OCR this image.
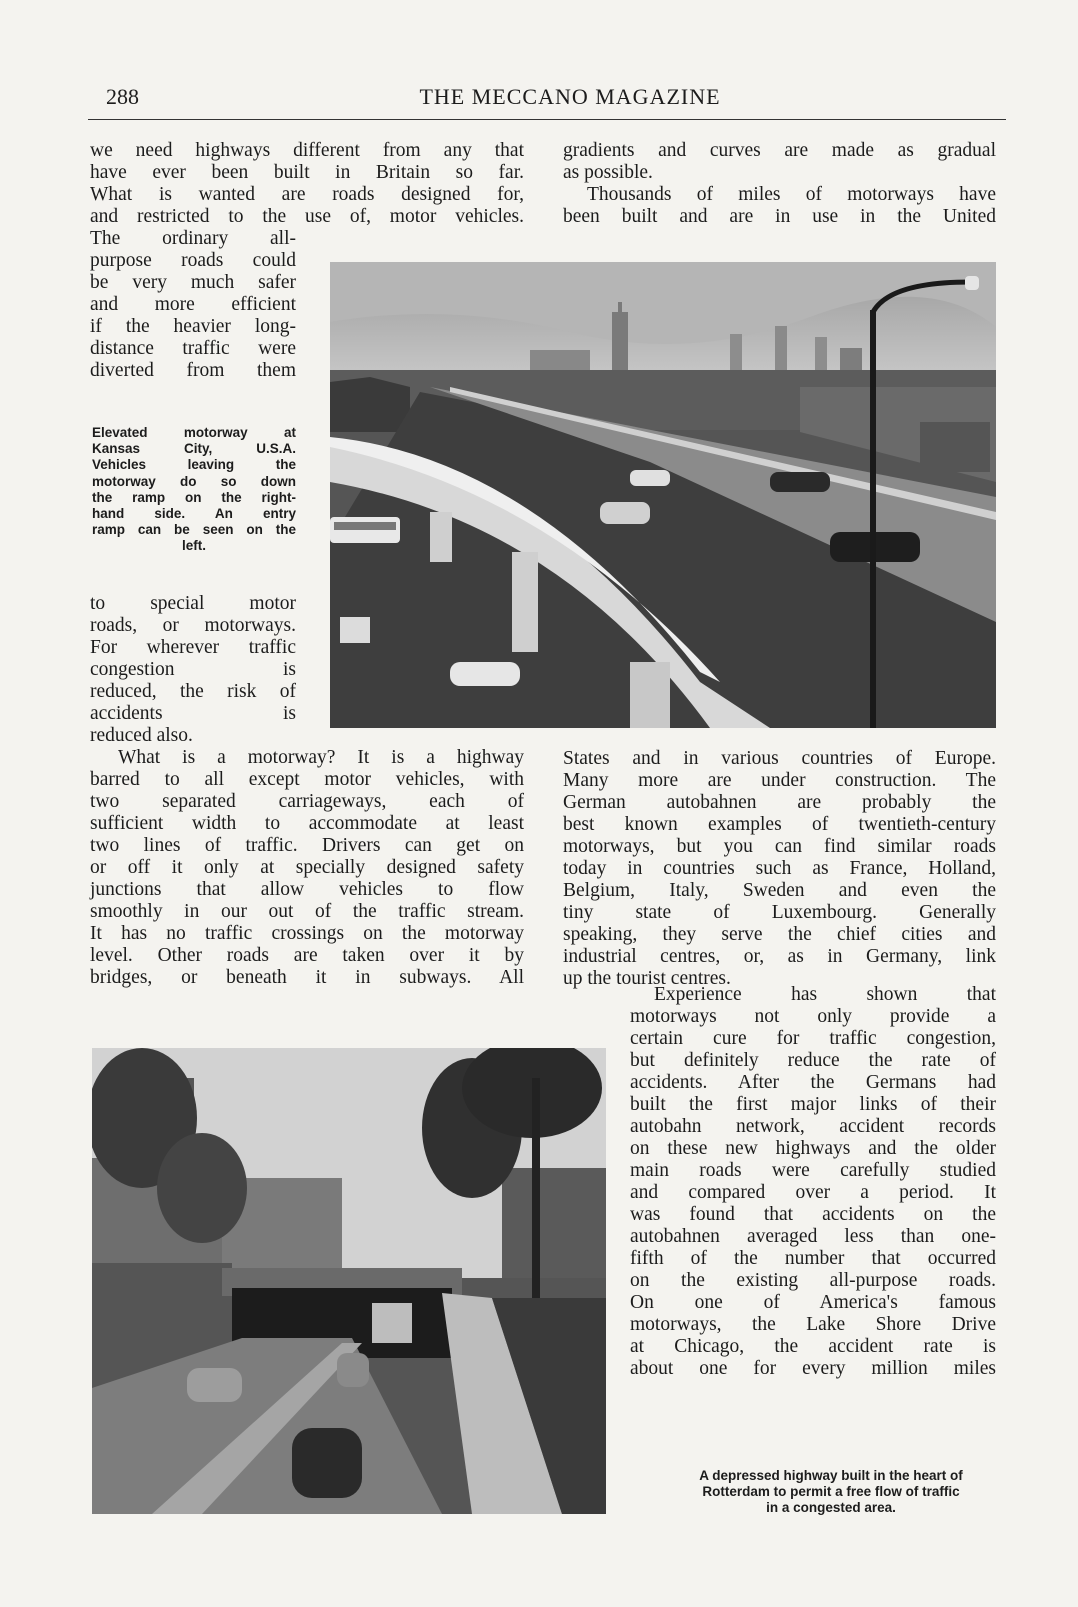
288	THE MECCANO MAGAZINE
we need highways different from any that
have ever been built in Britain so far.
What is wanted are roads designed for,
and restricted to the use of, motor vehicles.
The ordinary all-
purpose roads could
be very much safer
and more efficient
if the heavier long-
distance traffic were
diverted from them
Elevated motorway at
Kansas City, U.S.A.
Vehicles leaving the
motorway do so down
the ramp on the right-
hand side. An entry
ramp can be seen on the
left.
to special motor
roads, or motorways.
For wherever traffic
congestion is
reduced, the risk of
accidents is
reduced also.
What is a motorway? It is a highway
barred to all except motor vehicles, with
two separated carriageways, each of
sufficient width to accommodate at least
two lines of traffic. Drivers can get on
or off it only at specially designed safety
junctions that allow vehicles to flow
smoothly in our out of the traffic stream.
It has no traffic crossings on the motorway
level. Other roads are taken over it by
bridges, or beneath it in subways. All
gradients and curves are made as gradual
as possible.
Thousands of miles of motorways have
been built and are in use in the United
States and in various countries of Europe.
Many more are under construction. The
German autobahnen are probably the
best known examples of twentieth-century
motorways, but you can find similar roads
today in countries such as France, Holland,
Belgium, Italy, Sweden and even the
tiny state of Luxembourg. Generally
speaking, they serve the chief cities and
industrial centres, or, as in Germany, link
up the tourist centres.
Experience has shown that
motorways not only provide a
certain cure for traffic congestion,
but definitely reduce the rate of
accidents. After the Germans had
built the first major links of their
autobahn network, accident records
on these new highways and the older
main roads were carefully studied
and compared over a period. It
was found that accidents on the
autobahnen averaged less than one-
fifth of the number that occurred
on the existing all-purpose roads.
On one of America's famous
motorways, the Lake Shore Drive
at Chicago, the accident rate is
about one for every million miles
A depressed highway built in the heart of
Rotterdam to permit a free flow of traffic
in a congested area.
